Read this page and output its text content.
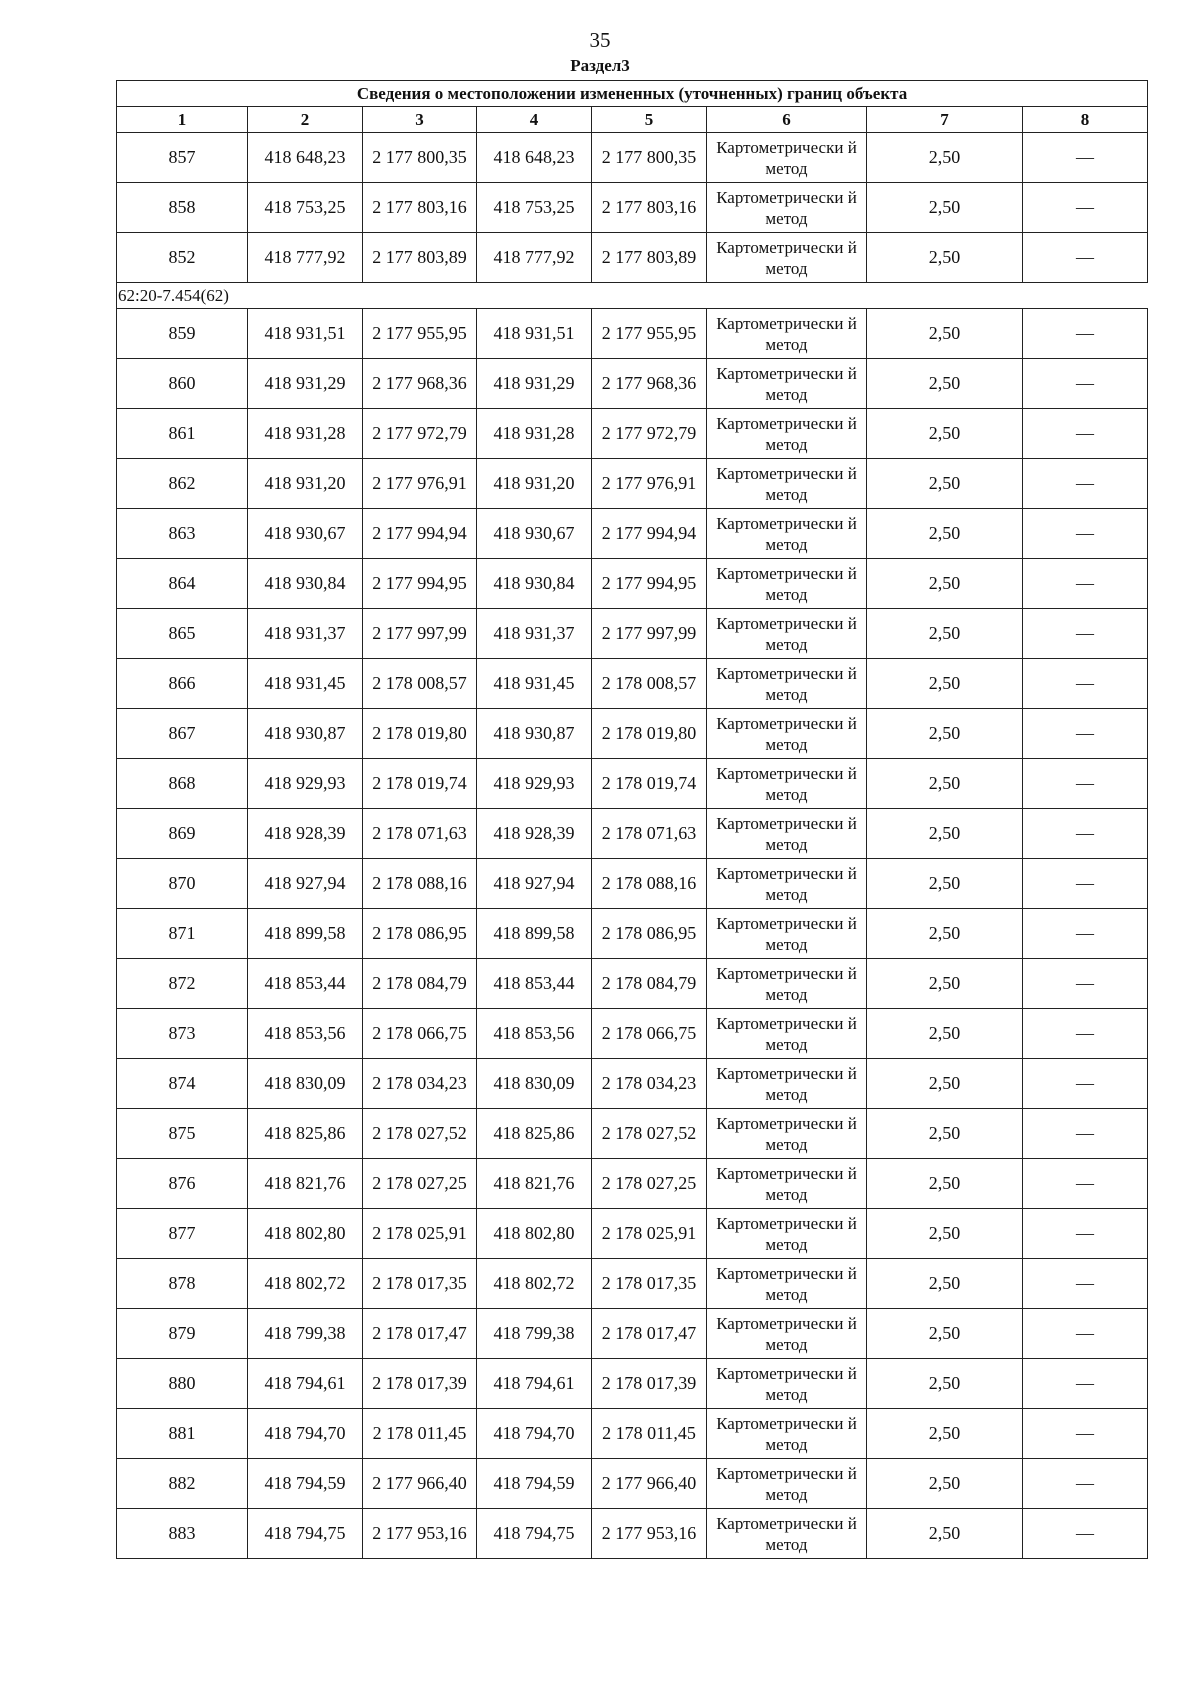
35
Раздел3
Сведения о местоположении измененных (уточненных) границ объекта							
1	2	3	4	5	6	7	8
857	418 648,23	2 177 800,35	418 648,23	2 177 800,35	Картометрически й метод	2,50	—
858	418 753,25	2 177 803,16	418 753,25	2 177 803,16	Картометрически й метод	2,50	—
852	418 777,92	2 177 803,89	418 777,92	2 177 803,89	Картометрически й метод	2,50	—
62:20-7.454(62)							
859	418 931,51	2 177 955,95	418 931,51	2 177 955,95	Картометрически й метод	2,50	—
860	418 931,29	2 177 968,36	418 931,29	2 177 968,36	Картометрически й метод	2,50	—
861	418 931,28	2 177 972,79	418 931,28	2 177 972,79	Картометрически й метод	2,50	—
862	418 931,20	2 177 976,91	418 931,20	2 177 976,91	Картометрически й метод	2,50	—
863	418 930,67	2 177 994,94	418 930,67	2 177 994,94	Картометрически й метод	2,50	—
864	418 930,84	2 177 994,95	418 930,84	2 177 994,95	Картометрически й метод	2,50	—
865	418 931,37	2 177 997,99	418 931,37	2 177 997,99	Картометрически й метод	2,50	—
866	418 931,45	2 178 008,57	418 931,45	2 178 008,57	Картометрически й метод	2,50	—
867	418 930,87	2 178 019,80	418 930,87	2 178 019,80	Картометрически й метод	2,50	—
868	418 929,93	2 178 019,74	418 929,93	2 178 019,74	Картометрически й метод	2,50	—
869	418 928,39	2 178 071,63	418 928,39	2 178 071,63	Картометрически й метод	2,50	—
870	418 927,94	2 178 088,16	418 927,94	2 178 088,16	Картометрически й метод	2,50	—
871	418 899,58	2 178 086,95	418 899,58	2 178 086,95	Картометрически й метод	2,50	—
872	418 853,44	2 178 084,79	418 853,44	2 178 084,79	Картометрически й метод	2,50	—
873	418 853,56	2 178 066,75	418 853,56	2 178 066,75	Картометрически й метод	2,50	—
874	418 830,09	2 178 034,23	418 830,09	2 178 034,23	Картометрически й метод	2,50	—
875	418 825,86	2 178 027,52	418 825,86	2 178 027,52	Картометрически й метод	2,50	—
876	418 821,76	2 178 027,25	418 821,76	2 178 027,25	Картометрически й метод	2,50	—
877	418 802,80	2 178 025,91	418 802,80	2 178 025,91	Картометрически й метод	2,50	—
878	418 802,72	2 178 017,35	418 802,72	2 178 017,35	Картометрически й метод	2,50	—
879	418 799,38	2 178 017,47	418 799,38	2 178 017,47	Картометрически й метод	2,50	—
880	418 794,61	2 178 017,39	418 794,61	2 178 017,39	Картометрически й метод	2,50	—
881	418 794,70	2 178 011,45	418 794,70	2 178 011,45	Картометрически й метод	2,50	—
882	418 794,59	2 177 966,40	418 794,59	2 177 966,40	Картометрически й метод	2,50	—
883	418 794,75	2 177 953,16	418 794,75	2 177 953,16	Картометрически й метод	2,50	—
